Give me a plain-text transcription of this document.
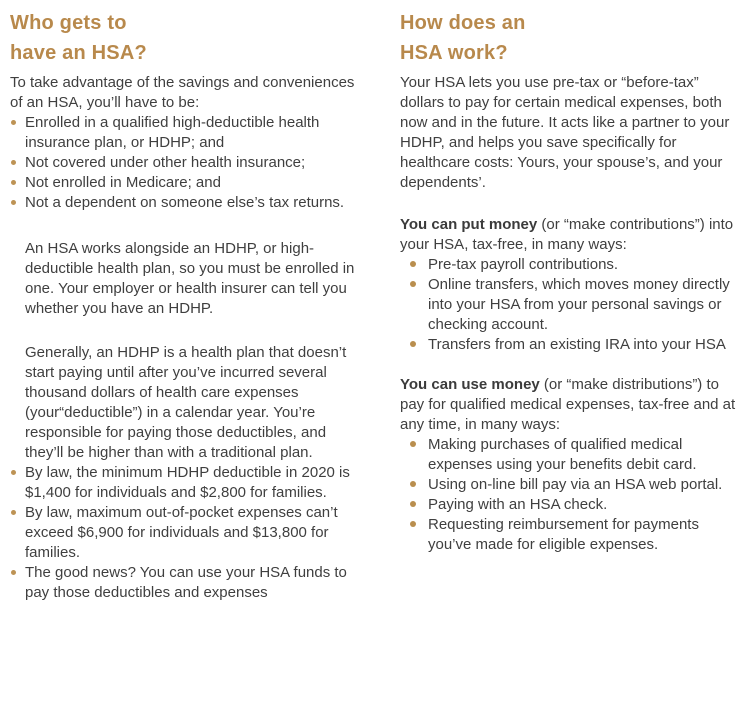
Who gets to
have an HSA?

To take advantage of the savings and conveniences of an HSA, you’ll have to be:

Enrolled in a qualified high-deductible health insurance plan, or HDHP; and
Not covered under other health insurance;
Not enrolled in Medicare; and
Not a dependent on someone else’s tax returns.

An HSA works alongside an HDHP, or high-deductible health plan, so you must be enrolled in one. Your employer or health insurer can tell you whether you have an HDHP.

Generally, an HDHP is a health plan that doesn’t start paying until after you’ve incurred several thousand dollars of health care expenses (your“deductible”) in a calendar year. You’re responsible for paying those deductibles, and they’ll be higher than with a traditional plan.

By law, the minimum HDHP deductible in 2020 is $1,400 for individuals and $2,800 for families.
By law, maximum out-of-pocket expenses can’t exceed $6,900 for individuals and $13,800 for families.
The good news? You can use your HSA funds to pay those deductibles and expenses
How does an
HSA work?

Your HSA lets you use pre-tax or “before-tax” dollars to pay for certain medical expenses, both now and in the future. It acts like a partner to your HDHP, and helps you save specifically for healthcare costs: Yours, your spouse’s, and your dependents’.

You can put money (or “make contributions”) into your HSA, tax-free, in many ways:

Pre-tax payroll contributions.
Online transfers, which moves money directly into your HSA from your personal savings or checking account.
Transfers from an existing IRA into your HSA

You can use money (or “make distributions”) to pay for qualified medical expenses, tax-free and at any time, in many ways:

Making purchases of qualified medical expenses using your benefits debit card.
Using on-line bill pay via an HSA web portal.
Paying with an HSA check.
Requesting reimbursement for payments you’ve made for eligible expenses.
